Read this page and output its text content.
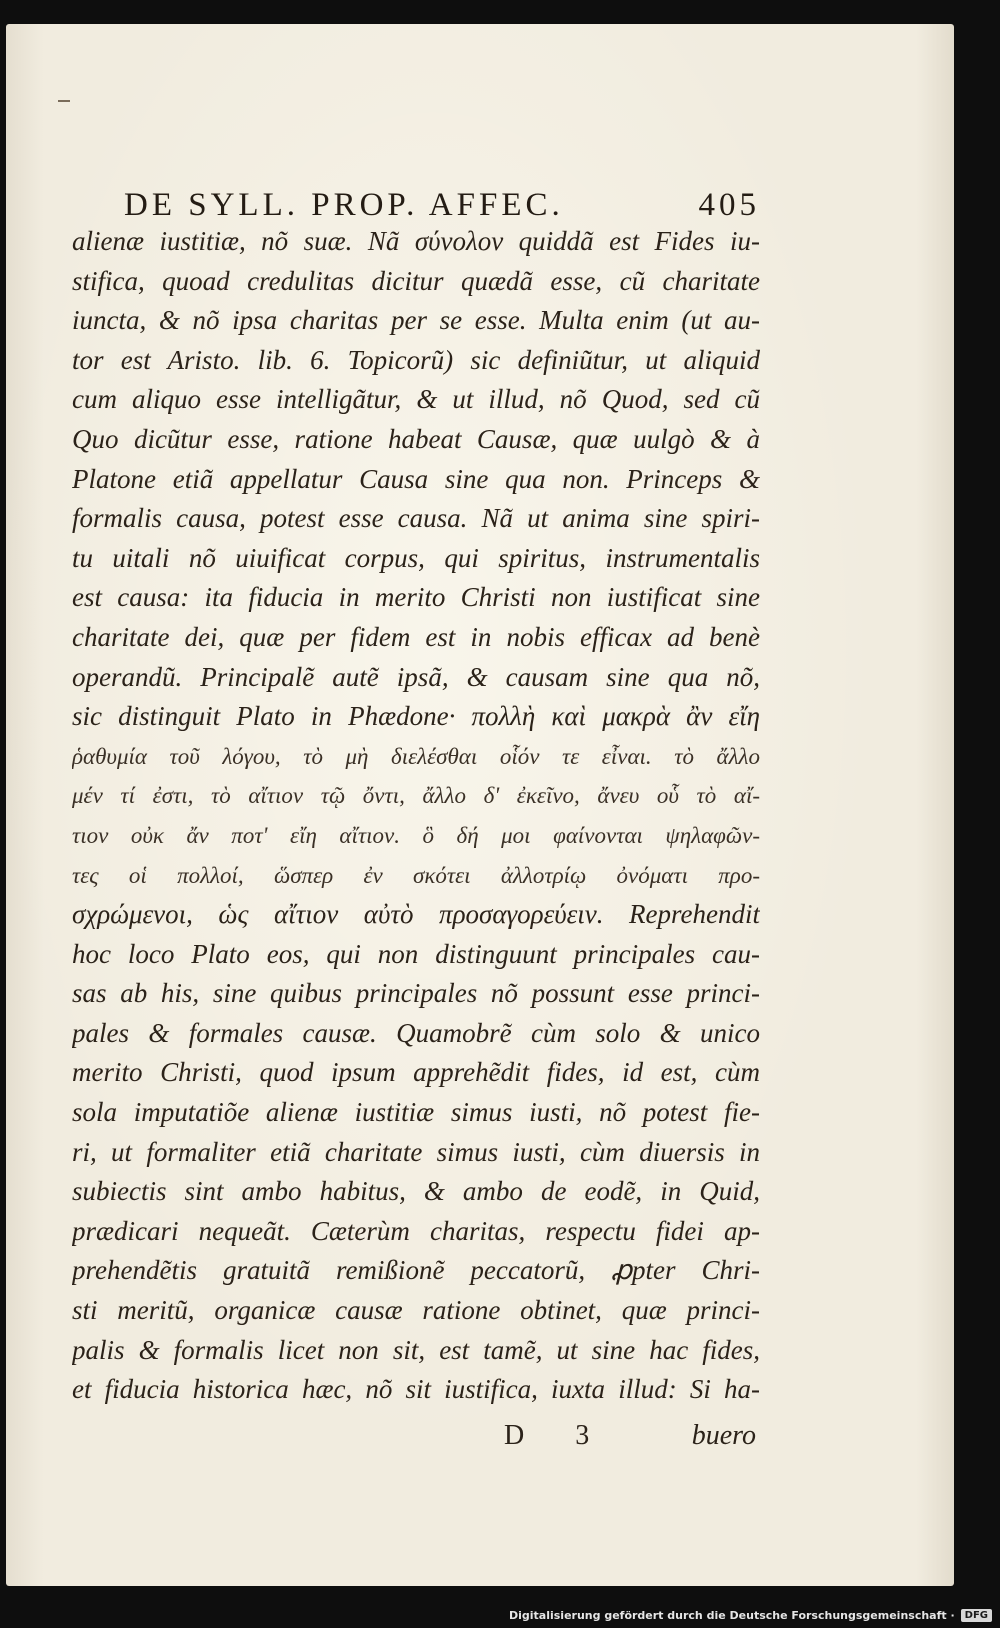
DE SYLL. PROP. AFFEC.	405
alienæ iustitiæ, nõ suæ. Nã σύνολον quiddã est Fides iu-
stifica, quoad credulitas dicitur quædã esse, cũ charitate
iuncta, & nõ ipsa charitas per se esse. Multa enim (ut au-
tor est Aristo. lib. 6. Topicorũ) sic definiũtur, ut aliquid
cum aliquo esse intelligãtur, & ut illud, nõ Quod, sed cũ
Quo dicũtur esse, ratione habeat Causæ, quæ uulgò & à
Platone etiã appellatur Causa sine qua non. Princeps &
formalis causa, potest esse causa. Nã ut anima sine spiri-
tu uitali nõ uiuificat corpus, qui spiritus, instrumentalis
est causa: ita fiducia in merito Christi non iustificat sine
charitate dei, quæ per fidem est in nobis efficax ad benè
operandũ. Principalẽ autẽ ipsã, & causam sine qua nõ,
sic distinguit Plato in Phædone· πολλὴ καὶ μακρὰ ἂν εἴη
ῥαθυμία τοῦ λόγου, τὸ μὴ διελέσθαι οἷόν τε εἶναι. τὸ ἄλλο
μέν τί ἐστι, τὸ αἴτιον τῷ ὄντι, ἄλλο δ' ἐκεῖνο, ἄνευ οὗ τὸ αἴ-
τιον οὐκ ἄν ποτ' εἴη αἴτιον. ὃ δή μοι φαίνονται ψηλαφῶν-
τες οἱ πολλοί, ὥσπερ ἐν σκότει ἀλλοτρίῳ ὀνόματι προ-
σχρώμενοι, ὡς αἴτιον αὐτὸ προσαγορεύειν. Reprehendit
hoc loco Plato eos, qui non distinguunt principales cau-
sas ab his, sine quibus principales nõ possunt esse princi-
pales & formales causæ. Quamobrẽ cùm solo & unico
merito Christi, quod ipsum apprehẽdit fides, id est, cùm
sola imputatiõe alienæ iustitiæ simus iusti, nõ potest fie-
ri, ut formaliter etiã charitate simus iusti, cùm diuersis in
subiectis sint ambo habitus, & ambo de eodẽ, in Quid,
prædicari nequeãt. Cæterùm charitas, respectu fidei ap-
prehendẽtis gratuitã remißionẽ peccatorũ, ꝓpter Chri-
sti meritũ, organicæ causæ ratione obtinet, quæ princi-
palis & formalis licet non sit, est tamẽ, ut sine hac fides,
et fiducia historica hæc, nõ sit iustifica, iuxta illud: Si ha-
D 3	buero
Digitalisierung gefördert durch die Deutsche Forschungsgemeinschaft ·	DFG
